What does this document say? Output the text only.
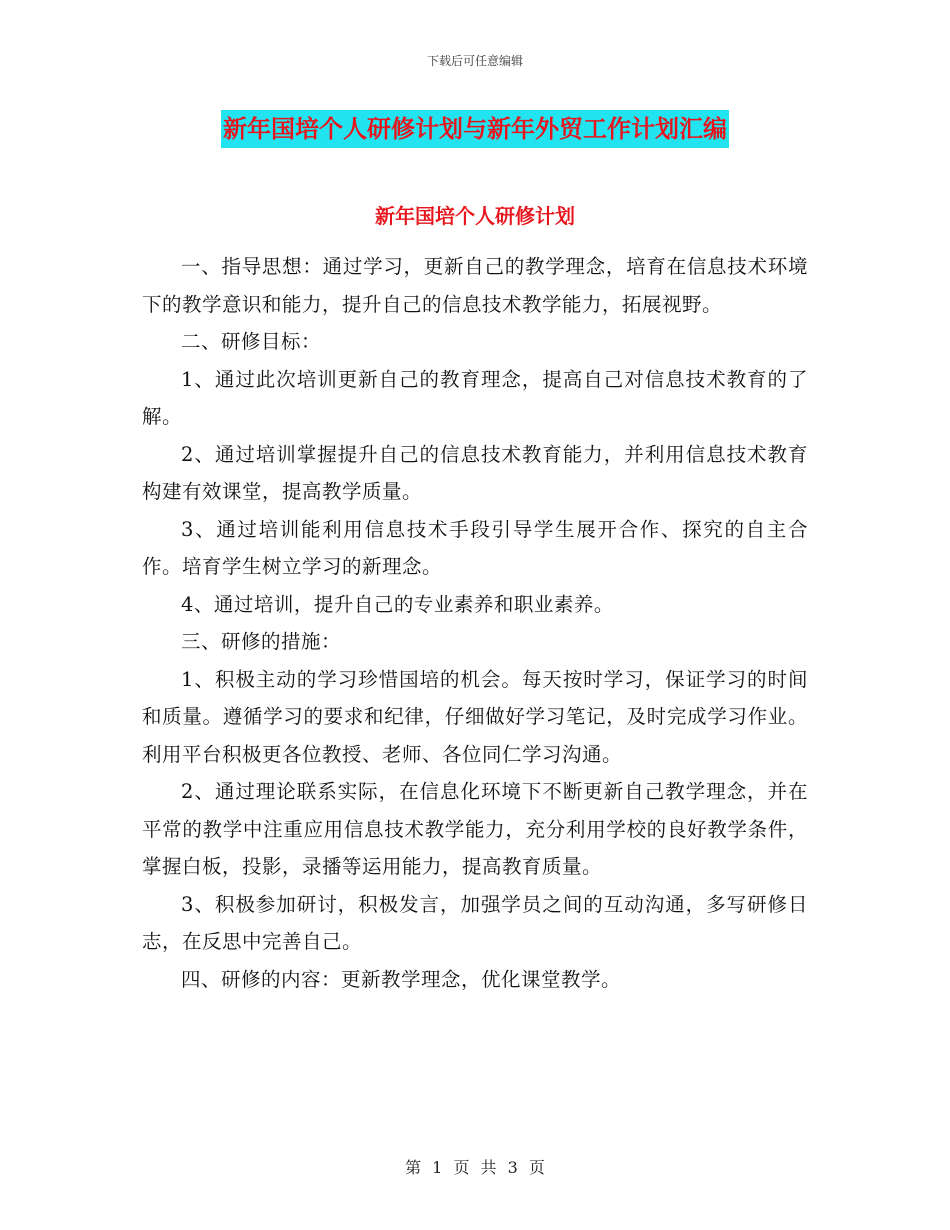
下载后可任意编辑
新年国培个人研修计划与新年外贸工作计划汇编
新年国培个人研修计划

一、指导思想：通过学习，更新自己的教学理念，培育在信息技术环境下的教学意识和能力，提升自己的信息技术教学能力，拓展视野。

二、研修目标：

1、通过此次培训更新自己的教育理念，提高自己对信息技术教育的了解。

2、通过培训掌握提升自己的信息技术教育能力，并利用信息技术教育构建有效课堂，提高教学质量。

3、通过培训能利用信息技术手段引导学生展开合作、探究的自主合作。培育学生树立学习的新理念。

4、通过培训，提升自己的专业素养和职业素养。

三、研修的措施：

1、积极主动的学习珍惜国培的机会。每天按时学习，保证学习的时间和质量。遵循学习的要求和纪律，仔细做好学习笔记，及时完成学习作业。利用平台积极更各位教授、老师、各位同仁学习沟通。

2、通过理论联系实际，在信息化环境下不断更新自己教学理念，并在平常的教学中注重应用信息技术教学能力，充分利用学校的良好教学条件，掌握白板，投影，录播等运用能力，提高教育质量。

3、积极参加研讨，积极发言，加强学员之间的互动沟通，多写研修日志，在反思中完善自己。

四、研修的内容：更新教学理念，优化课堂教学。

第 1 页 共 3 页
